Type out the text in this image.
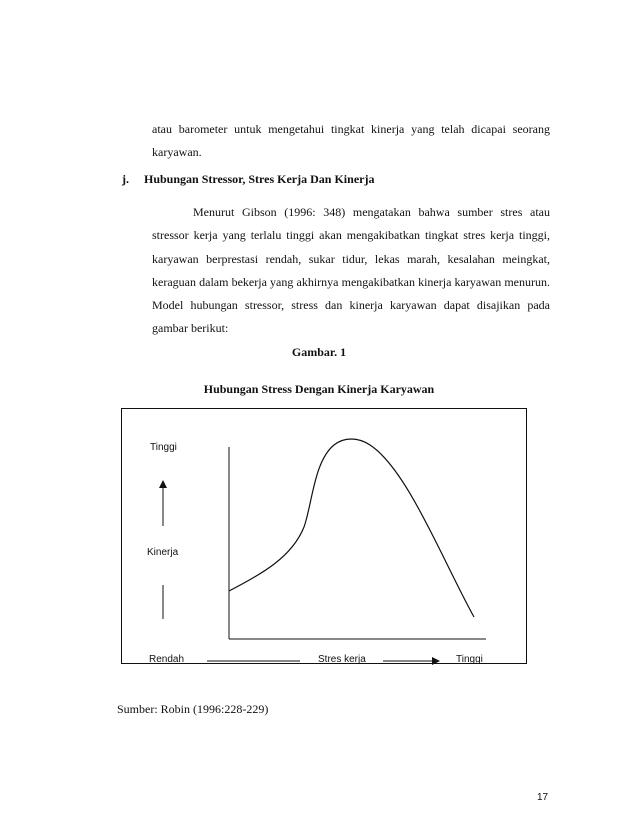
atau barometer untuk mengetahui tingkat kinerja yang telah dicapai seorang karyawan.
j. Hubungan Stressor, Stres Kerja Dan Kinerja
Menurut Gibson (1996: 348) mengatakan bahwa sumber stres atau stressor kerja yang terlalu tinggi akan mengakibatkan tingkat stres kerja tinggi, karyawan berprestasi rendah, sukar tidur, lekas marah, kesalahan meingkat, keraguan dalam bekerja yang akhirnya mengakibatkan kinerja karyawan menurun. Model hubungan stressor, stress dan kinerja karyawan dapat disajikan pada gambar berikut:
Gambar. 1
Hubungan Stress Dengan Kinerja Karyawan
Tinggi
Kinerja
Rendah	Stres kerja	Tinggi
Sumber: Robin (1996:228-229)
17
